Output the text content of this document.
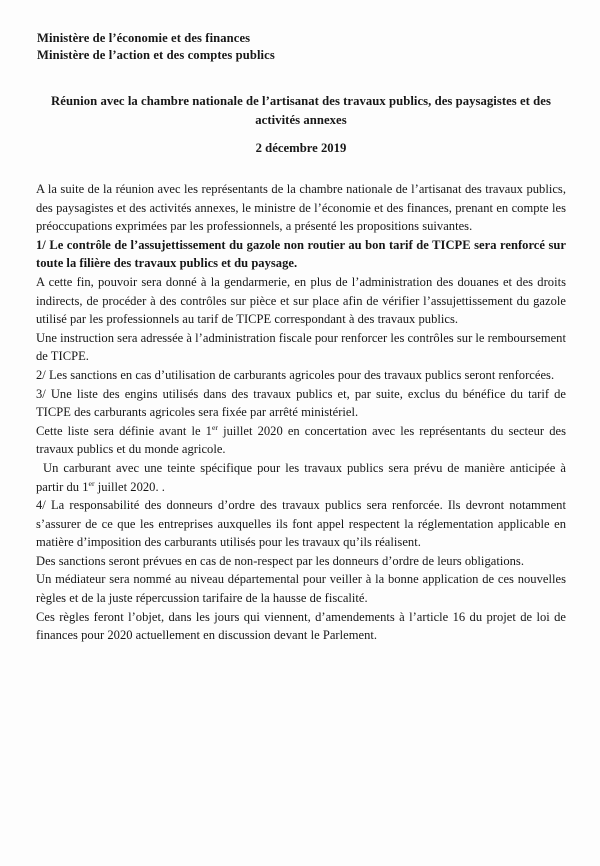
Ministère de l’économie et des finances
Ministère de l’action et des comptes publics
Réunion avec la chambre nationale de l’artisanat des travaux publics, des paysagistes et des activités annexes
2 décembre 2019

A la suite de la réunion avec les représentants de la chambre nationale de l’artisanat des travaux publics, des paysagistes et des activités annexes, le ministre de l’économie et des finances, prenant en compte les préoccupations exprimées par les professionnels, a présenté les propositions suivantes.

1/ Le contrôle de l’assujettissement du gazole non routier au bon tarif de TICPE sera renforcé sur toute la filière des travaux publics et du paysage.

A cette fin, pouvoir sera donné à la gendarmerie, en plus de l’administration des douanes et des droits indirects, de procéder à des contrôles sur pièce et sur place afin de vérifier l’assujettissement du gazole utilisé par les professionnels au tarif de TICPE correspondant à des travaux publics.

Une instruction sera adressée à l’administration fiscale pour renforcer les contrôles sur le remboursement de TICPE.

2/ Les sanctions en cas d’utilisation de carburants agricoles pour des travaux publics seront renforcées.

3/ Une liste des engins utilisés dans des travaux publics et, par suite, exclus du bénéfice du tarif de TICPE des carburants agricoles sera fixée par arrêté ministériel.

Cette liste sera définie avant le 1er juillet 2020 en concertation avec les représentants du secteur des travaux publics et du monde agricole.

Un carburant avec une teinte spécifique pour les travaux publics sera prévu de manière anticipée à partir du 1er juillet 2020. .

4/ La responsabilité des donneurs d’ordre des travaux publics sera renforcée. Ils devront notamment s’assurer de ce que les entreprises auxquelles ils font appel respectent la réglementation applicable en matière d’imposition des carburants utilisés pour les travaux qu’ils réalisent.

Des sanctions seront prévues en cas de non-respect par les donneurs d’ordre de leurs obligations.

Un médiateur sera nommé au niveau départemental pour veiller à la bonne application de ces nouvelles règles et de la juste répercussion tarifaire de la hausse de fiscalité.

Ces règles feront l’objet, dans les jours qui viennent, d’amendements à l’article 16 du projet de loi de finances pour 2020 actuellement en discussion devant le Parlement.
